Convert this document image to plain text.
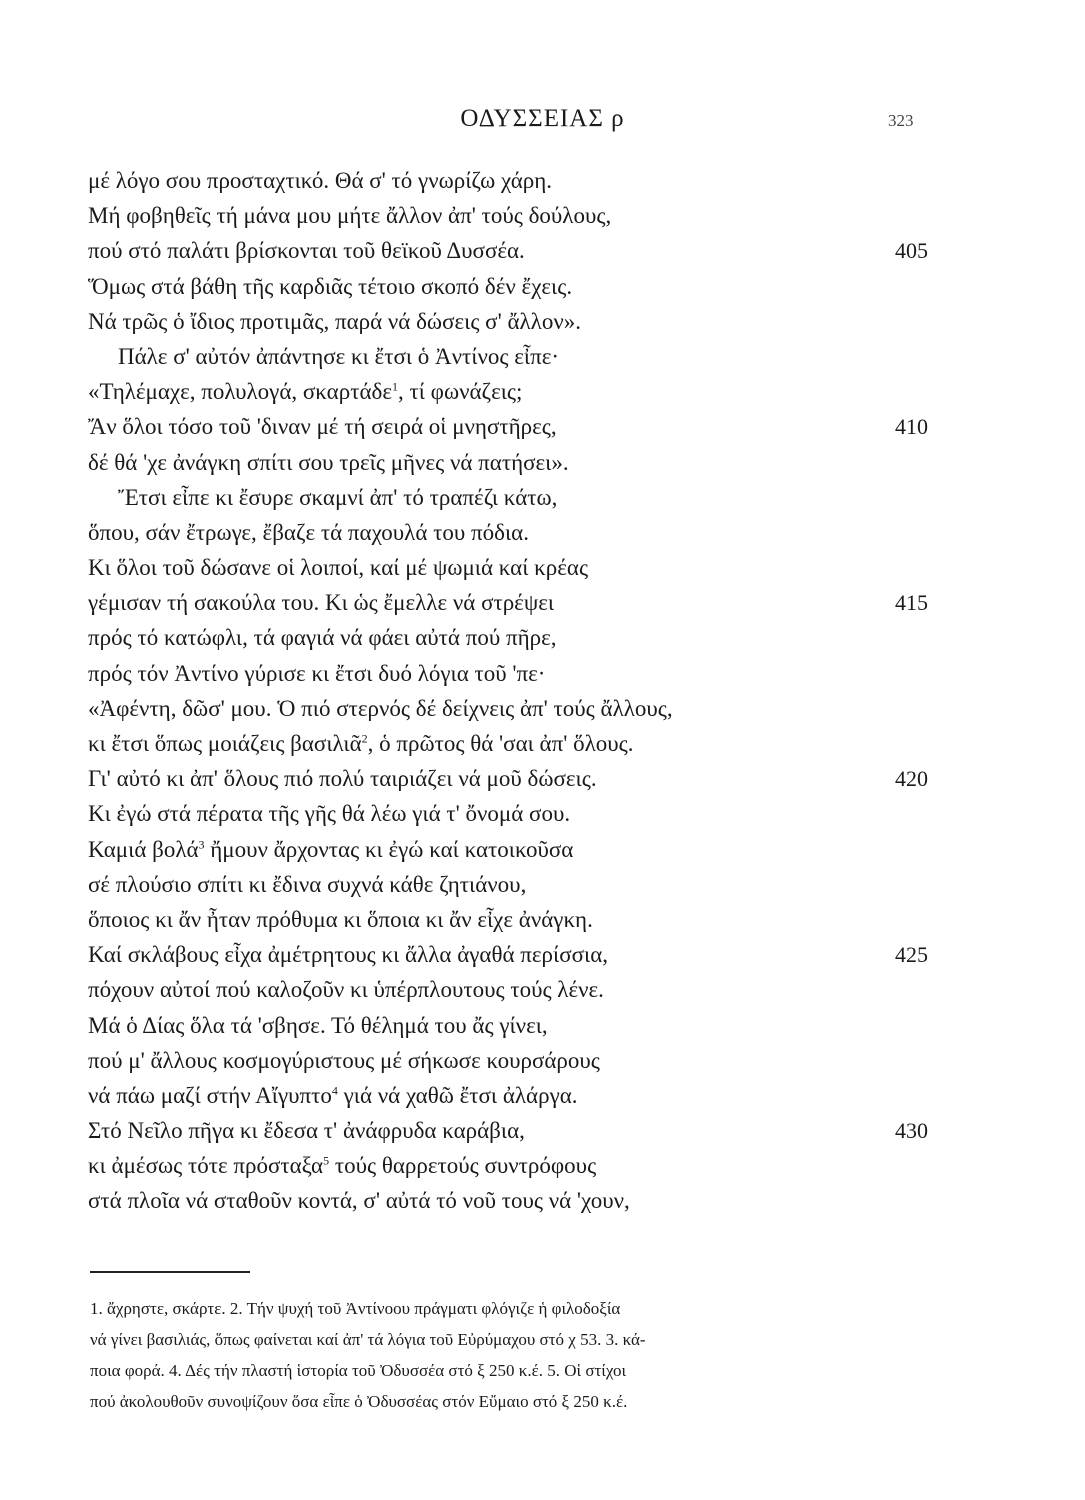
ΟΔΥΣΣΕΙΑΣ ρ	323
μέ λόγο σου προσταχτικό. Θά σ' τό γνωρίζω χάρη.
Μή φοβηθεῖς τή μάνα μου μήτε ἄλλον ἀπ' τούς δούλους,
πού στό παλάτι βρίσκονται τοῦ θεϊκοῦ Δυσσέα.	405
Ὅμως στά βάθη τῆς καρδιᾶς τέτοιο σκοπό δέν ἔχεις.
Νά τρῶς ὁ ἴδιος προτιμᾶς, παρά νά δώσεις σ' ἄλλον».
Πάλε σ' αὐτόν ἀπάντησε κι ἔτσι ὁ Ἀντίνος εἶπε·
«Τηλέμαχε, πολυλογά, σκαρτάδε$^1$, τί φωνάζεις;
Ἄν ὅλοι τόσο τοῦ 'διναν μέ τή σειρά οἱ μνηστῆρες,	410
δέ θά 'χε ἀνάγκη σπίτι σου τρεῖς μῆνες νά πατήσει».
Ἔτσι εἶπε κι ἔσυρε σκαμνί ἀπ' τό τραπέζι κάτω,
ὅπου, σάν ἔτρωγε, ἔβαζε τά παχουλά του πόδια.
Κι ὅλοι τοῦ δώσανε οἱ λοιποί, καί μέ ψωμιά καί κρέας
γέμισαν τή σακούλα του. Κι ὡς ἔμελλε νά στρέψει	415
πρός τό κατώφλι, τά φαγιά νά φάει αὐτά πού πῆρε,
πρός τόν Ἀντίνο γύρισε κι ἔτσι δυό λόγια τοῦ 'πε·
«Ἀφέντη, δῶσ' μου. Ὁ πιό στερνός δέ δείχνεις ἀπ' τούς ἄλλους,
κι ἔτσι ὅπως μοιάζεις βασιλιᾶ$^2$, ὁ πρῶτος θά 'σαι ἀπ' ὅλους.
Γι' αὐτό κι ἀπ' ὅλους πιό πολύ ταιριάζει νά μοῦ δώσεις.	420
Κι ἐγώ στά πέρατα τῆς γῆς θά λέω γιά τ' ὄνομά σου.
Καμιά βολά$^3$ ἤμουν ἄρχοντας κι ἐγώ καί κατοικοῦσα
σέ πλούσιο σπίτι κι ἔδινα συχνά κάθε ζητιάνου,
ὅποιος κι ἄν ἦταν πρόθυμα κι ὅποια κι ἄν εἶχε ἀνάγκη.
Καί σκλάβους εἶχα ἀμέτρητους κι ἄλλα ἀγαθά περίσσια,	425
πόχουν αὐτοί πού καλοζοῦν κι ὑπέρπλουτους τούς λένε.
Μά ὁ Δίας ὅλα τά 'σβησε. Τό θέλημά του ἄς γίνει,
πού μ' ἄλλους κοσμογύριστους μέ σήκωσε κουρσάρους
νά πάω μαζί στήν Αἴγυπτο$^4$ γιά νά χαθῶ ἔτσι ἀλάργα.
Στό Νεῖλο πῆγα κι ἔδεσα τ' ἀνάφρυδα καράβια,	430
κι ἀμέσως τότε πρόσταξα$^5$ τούς θαρρετούς συντρόφους
στά πλοῖα νά σταθοῦν κοντά, σ' αὐτά τό νοῦ τους νά 'χουν,

1. ἄχρηστε, σκάρτε. 2. Τήν ψυχή τοῦ Ἀντίνοου πράγματι φλόγιζε ἡ φιλοδοξία

νά γίνει βασιλιάς, ὅπως φαίνεται καί ἀπ' τά λόγια τοῦ Εὐρύμαχου στό χ 53. 3. κά-

ποια φορά. 4. Δές τήν πλαστή ἱστορία τοῦ Ὀδυσσέα στό ξ 250 κ.έ. 5. Οἱ στίχοι

πού ἀκολουθοῦν συνοψίζουν ὅσα εἶπε ὁ Ὀδυσσέας στόν Εὔμαιο στό ξ 250 κ.έ.
